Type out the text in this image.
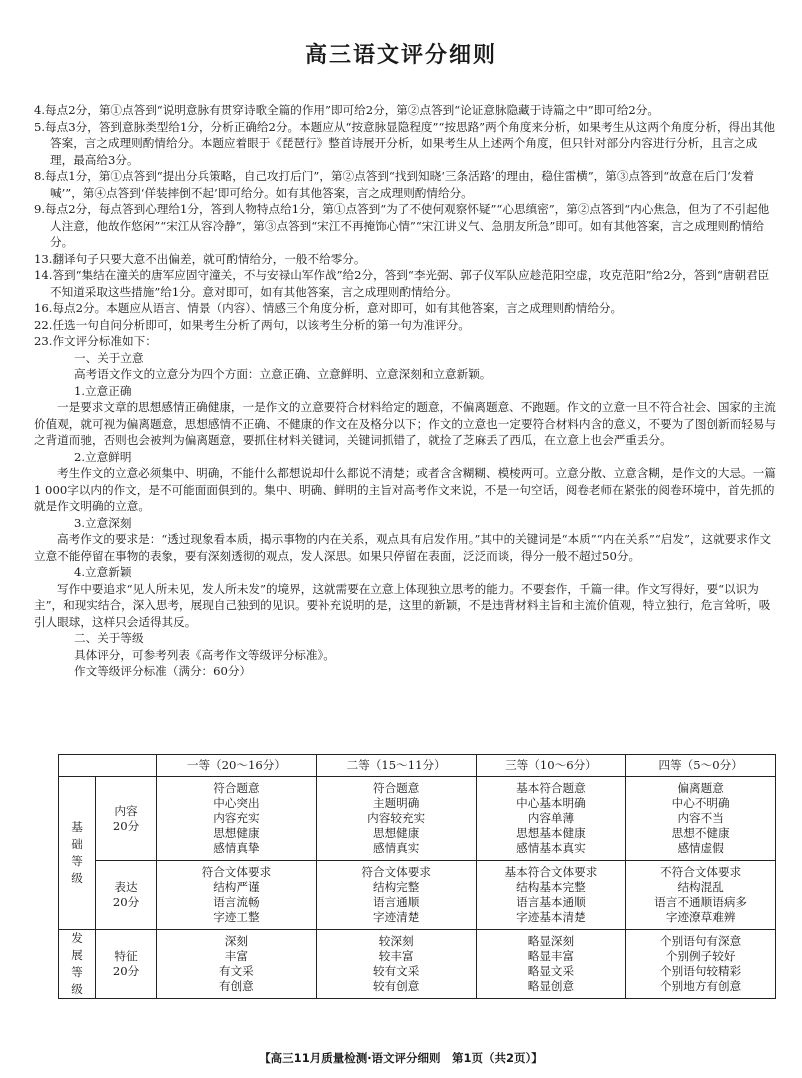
高三语文评分细则

4.每点2分，第①点答到“说明意脉有贯穿诗歌全篇的作用”即可给2分，第②点答到“论证意脉隐藏于诗篇之中”即可给2分。

5.每点3分，答到意脉类型给1分，分析正确给2分。本题应从“按意脉显隐程度”“按思路”两个角度来分析，如果考生从这两个角度分析，得出其他答案，言之成理则酌情给分。本题应着眼于《琵琶行》整首诗展开分析，如果考生从上述两个角度，但只针对部分内容进行分析，且言之成理，最高给3分。

8.每点1分，第①点答到“提出分兵策略，自己攻打后门”，第②点答到“找到知晓‘三条活路’的理由，稳住雷横”，第③点答到“故意在后门‘发着喊’”，第④点答到‘佯装摔倒不起’即可给分。如有其他答案，言之成理则酌情给分。

9.每点2分，每点答到心理给1分，答到人物特点给1分，第①点答到“为了不使何观察怀疑”“心思缜密”，第②点答到“内心焦急，但为了不引起他人注意，他故作悠闲”“宋江从容冷静”，第③点答到“宋江不再掩饰心情”“宋江讲义气、急朋友所急”即可。如有其他答案，言之成理则酌情给分。

13.翻译句子只要大意不出偏差，就可酌情给分，一般不给零分。

14.答到“集结在潼关的唐军应固守潼关，不与安禄山军作战”给2分，答到“李光弼、郭子仪军队应趁范阳空虚，攻克范阳”给2分，答到“唐朝君臣不知道采取这些措施”给1分。意对即可，如有其他答案，言之成理则酌情给分。

16.每点2分。本题应从语言、情景（内容）、情感三个角度分析，意对即可，如有其他答案，言之成理则酌情给分。

22.任选一句自问分析即可，如果考生分析了两句，以该考生分析的第一句为准评分。

23.作文评分标准如下：

一、关于立意

高考语文作文的立意分为四个方面：立意正确、立意鲜明、立意深刻和立意新颖。

1.立意正确

一是要求文章的思想感情正确健康，一是作文的立意要符合材料给定的题意，不偏离题意、不跑题。作文的立意一旦不符合社会、国家的主流价值观，就可视为偏离题意，思想感情不正确、不健康的作文在及格分以下；作文的立意也一定要符合材料内含的意义，不要为了图创新而轻易与之背道而驰，否则也会被判为偏离题意，要抓住材料关键词，关键词抓错了，就捡了芝麻丢了西瓜，在立意上也会严重丢分。

2.立意鲜明

考生作文的立意必须集中、明确，不能什么都想说却什么都说不清楚；或者含含糊糊、模棱两可。立意分散、立意含糊，是作文的大忌。一篇1 000字以内的作文，是不可能面面俱到的。集中、明确、鲜明的主旨对高考作文来说，不是一句空话，阅卷老师在紧张的阅卷环境中，首先抓的就是作文明确的立意。

3.立意深刻

高考作文的要求是：“透过现象看本质，揭示事物的内在关系，观点具有启发作用。”其中的关键词是“本质”“内在关系”“启发”，这就要求作文立意不能停留在事物的表象，要有深刻透彻的观点，发人深思。如果只停留在表面，泛泛而谈，得分一般不超过50分。

4.立意新颖

写作中要追求“见人所未见，发人所未发”的境界，这就需要在立意上体现独立思考的能力。不要套作，千篇一律。作文写得好，要“以识为主”，和现实结合，深入思考，展现自己独到的见识。要补充说明的是，这里的新颖，不是违背材料主旨和主流价值观，特立独行，危言耸听，吸引人眼球，这样只会适得其反。

二、关于等级

具体评分，可参考列表《高考作文等级评分标准》。

作文等级评分标准（满分：60分）

		一等（20～16分）	二等（15～11分）	三等（10～6分）	四等（5～0分）

基础等级	内容
20分	符合题意
中心突出
内容充实
思想健康
感情真挚	符合题意
主题明确
内容较充实
思想健康
感情真实	基本符合题意
中心基本明确
内容单薄
思想基本健康
感情基本真实	偏离题意
中心不明确
内容不当
思想不健康
感情虚假
	表达
20分	符合文体要求
结构严谨
语言流畅
字迹工整	符合文体要求
结构完整
语言通顺
字迹清楚	基本符合文体要求
结构基本完整
语言基本通顺
字迹基本清楚	不符合文体要求
结构混乱
语言不通顺语病多
字迹潦草难辨

发展等级	特征
20分	深刻
丰富
有文采
有创意	较深刻
较丰富
较有文采
较有创意	略显深刻
略显丰富
略显文采
略显创意	个别语句有深意
个别例子较好
个别语句较精彩
个别地方有创意
【高三11月质量检测·语文评分细则　第1页（共2页）】
